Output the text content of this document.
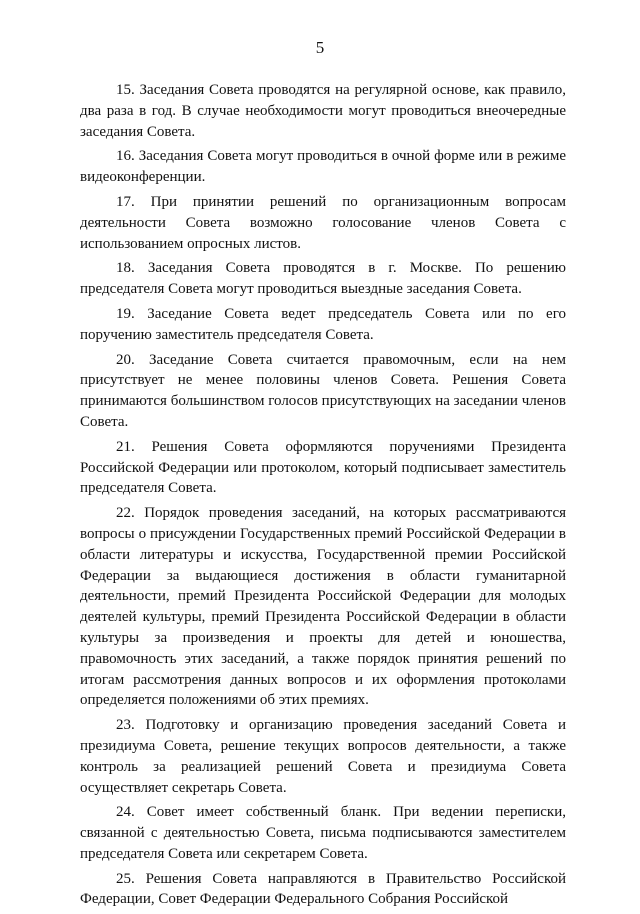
5

15. Заседания Совета проводятся на регулярной основе, как правило, два раза в год. В случае необходимости могут проводиться внеочередные заседания Совета.

16. Заседания Совета могут проводиться в очной форме или в режиме видеоконференции.

17. При принятии решений по организационным вопросам деятельности Совета возможно голосование членов Совета с использованием опросных листов.

18. Заседания Совета проводятся в г. Москве. По решению председателя Совета могут проводиться выездные заседания Совета.

19. Заседание Совета ведет председатель Совета или по его поручению заместитель председателя Совета.

20. Заседание Совета считается правомочным, если на нем присутствует не менее половины членов Совета. Решения Совета принимаются большинством голосов присутствующих на заседании членов Совета.

21. Решения Совета оформляются поручениями Президента Российской Федерации или протоколом, который подписывает заместитель председателя Совета.

22. Порядок проведения заседаний, на которых рассматриваются вопросы о присуждении Государственных премий Российской Федерации в области литературы и искусства, Государственной премии Российской Федерации за выдающиеся достижения в области гуманитарной деятельности, премий Президента Российской Федерации для молодых деятелей культуры, премий Президента Российской Федерации в области культуры за произведения и проекты для детей и юношества, правомочность этих заседаний, а также порядок принятия решений по итогам рассмотрения данных вопросов и их оформления протоколами определяется положениями об этих премиях.

23. Подготовку и организацию проведения заседаний Совета и президиума Совета, решение текущих вопросов деятельности, а также контроль за реализацией решений Совета и президиума Совета осуществляет секретарь Совета.

24. Совет имеет собственный бланк. При ведении переписки, связанной с деятельностью Совета, письма подписываются заместителем председателя Совета или секретарем Совета.

25. Решения Совета направляются в Правительство Российской Федерации, Совет Федерации Федерального Собрания Российской
